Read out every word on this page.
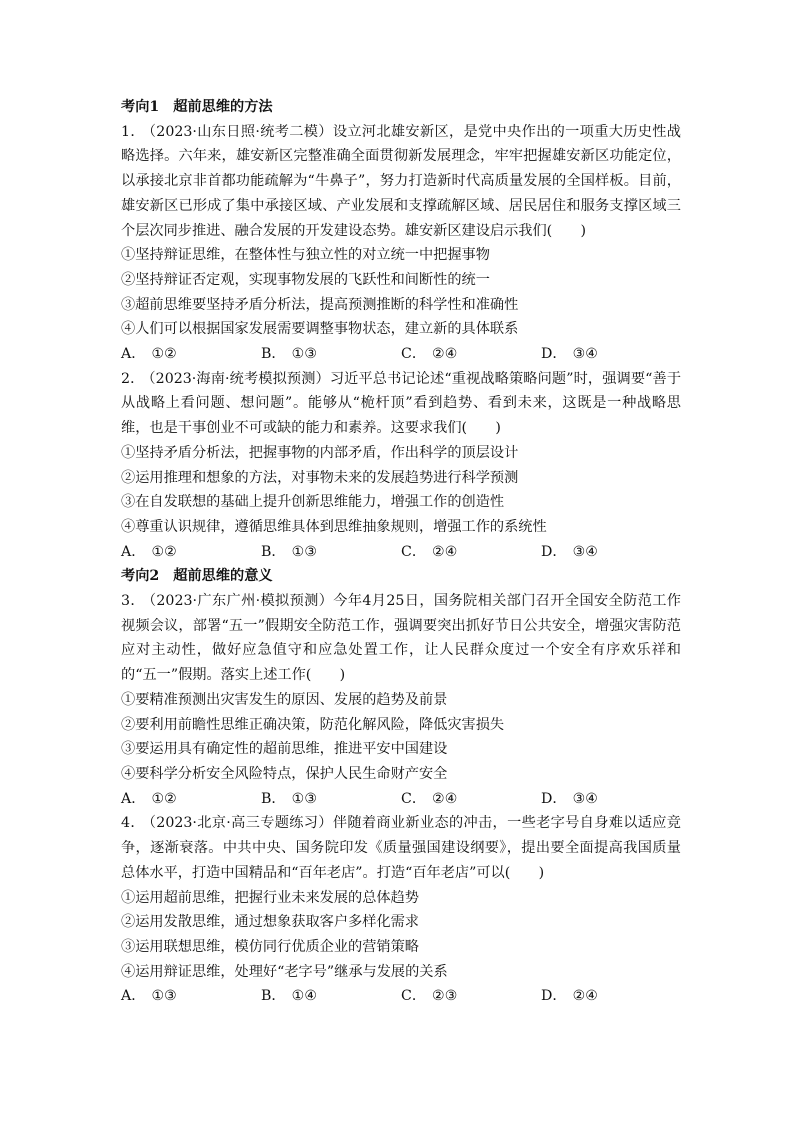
考向1 超前思维的方法

1． （2023·山东日照·统考二模）设立河北雄安新区，是党中央作出的一项重大历史性战略选择。六年来，雄安新区完整准确全面贯彻新发展理念，牢牢把握雄安新区功能定位，以承接北京非首都功能疏解为“牛鼻子”，努力打造新时代高质量发展的全国样板。目前，雄安新区已形成了集中承接区域、产业发展和支撑疏解区域、居民居住和服务支撑区域三个层次同步推进、融合发展的开发建设态势。雄安新区建设启示我们(　　)

①坚持辩证思维，在整体性与独立性的对立统一中把握事物

②坚持辩证否定观，实现事物发展的飞跃性和间断性的统一

③超前思维要坚持矛盾分析法，提高预测推断的科学性和准确性

④人们可以根据国家发展需要调整事物状态，建立新的具体联系

A． ①②	B． ①③	C． ②④	D． ③④

2． （2023·海南·统考模拟预测）习近平总书记论述“重视战略策略问题”时，强调要“善于从战略上看问题、想问题”。能够从“桅杆顶”看到趋势、看到未来，这既是一种战略思维，也是干事创业不可或缺的能力和素养。这要求我们(　　)

①坚持矛盾分析法，把握事物的内部矛盾，作出科学的顶层设计

②运用推理和想象的方法，对事物未来的发展趋势进行科学预测

③在自发联想的基础上提升创新思维能力，增强工作的创造性

④尊重认识规律，遵循思维具体到思维抽象规则，增强工作的系统性

A． ①②	B． ①③	C． ②④	D． ③④

考向2 超前思维的意义

3． （2023·广东广州·模拟预测）今年4月25日，国务院相关部门召开全国安全防范工作视频会议，部署“五一”假期安全防范工作，强调要突出抓好节日公共安全，增强灾害防范应对主动性，做好应急值守和应急处置工作，让人民群众度过一个安全有序欢乐祥和的“五一”假期。落实上述工作(　　)

①要精准预测出灾害发生的原因、发展的趋势及前景

②要利用前瞻性思维正确决策，防范化解风险，降低灾害损失

③要运用具有确定性的超前思维，推进平安中国建设

④要科学分析安全风险特点，保护人民生命财产安全

A． ①②	B． ①③	C． ②④	D． ③④

4． （2023·北京·高三专题练习）伴随着商业新业态的冲击，一些老字号自身难以适应竞争，逐渐衰落。中共中央、国务院印发《质量强国建设纲要》，提出要全面提高我国质量总体水平，打造中国精品和“百年老店”。打造“百年老店”可以(　　)

①运用超前思维，把握行业未来发展的总体趋势

②运用发散思维，通过想象获取客户多样化需求

③运用联想思维，模仿同行优质企业的营销策略

④运用辩证思维，处理好“老字号”继承与发展的关系

A． ①③	B． ①④	C． ②③	D． ②④
